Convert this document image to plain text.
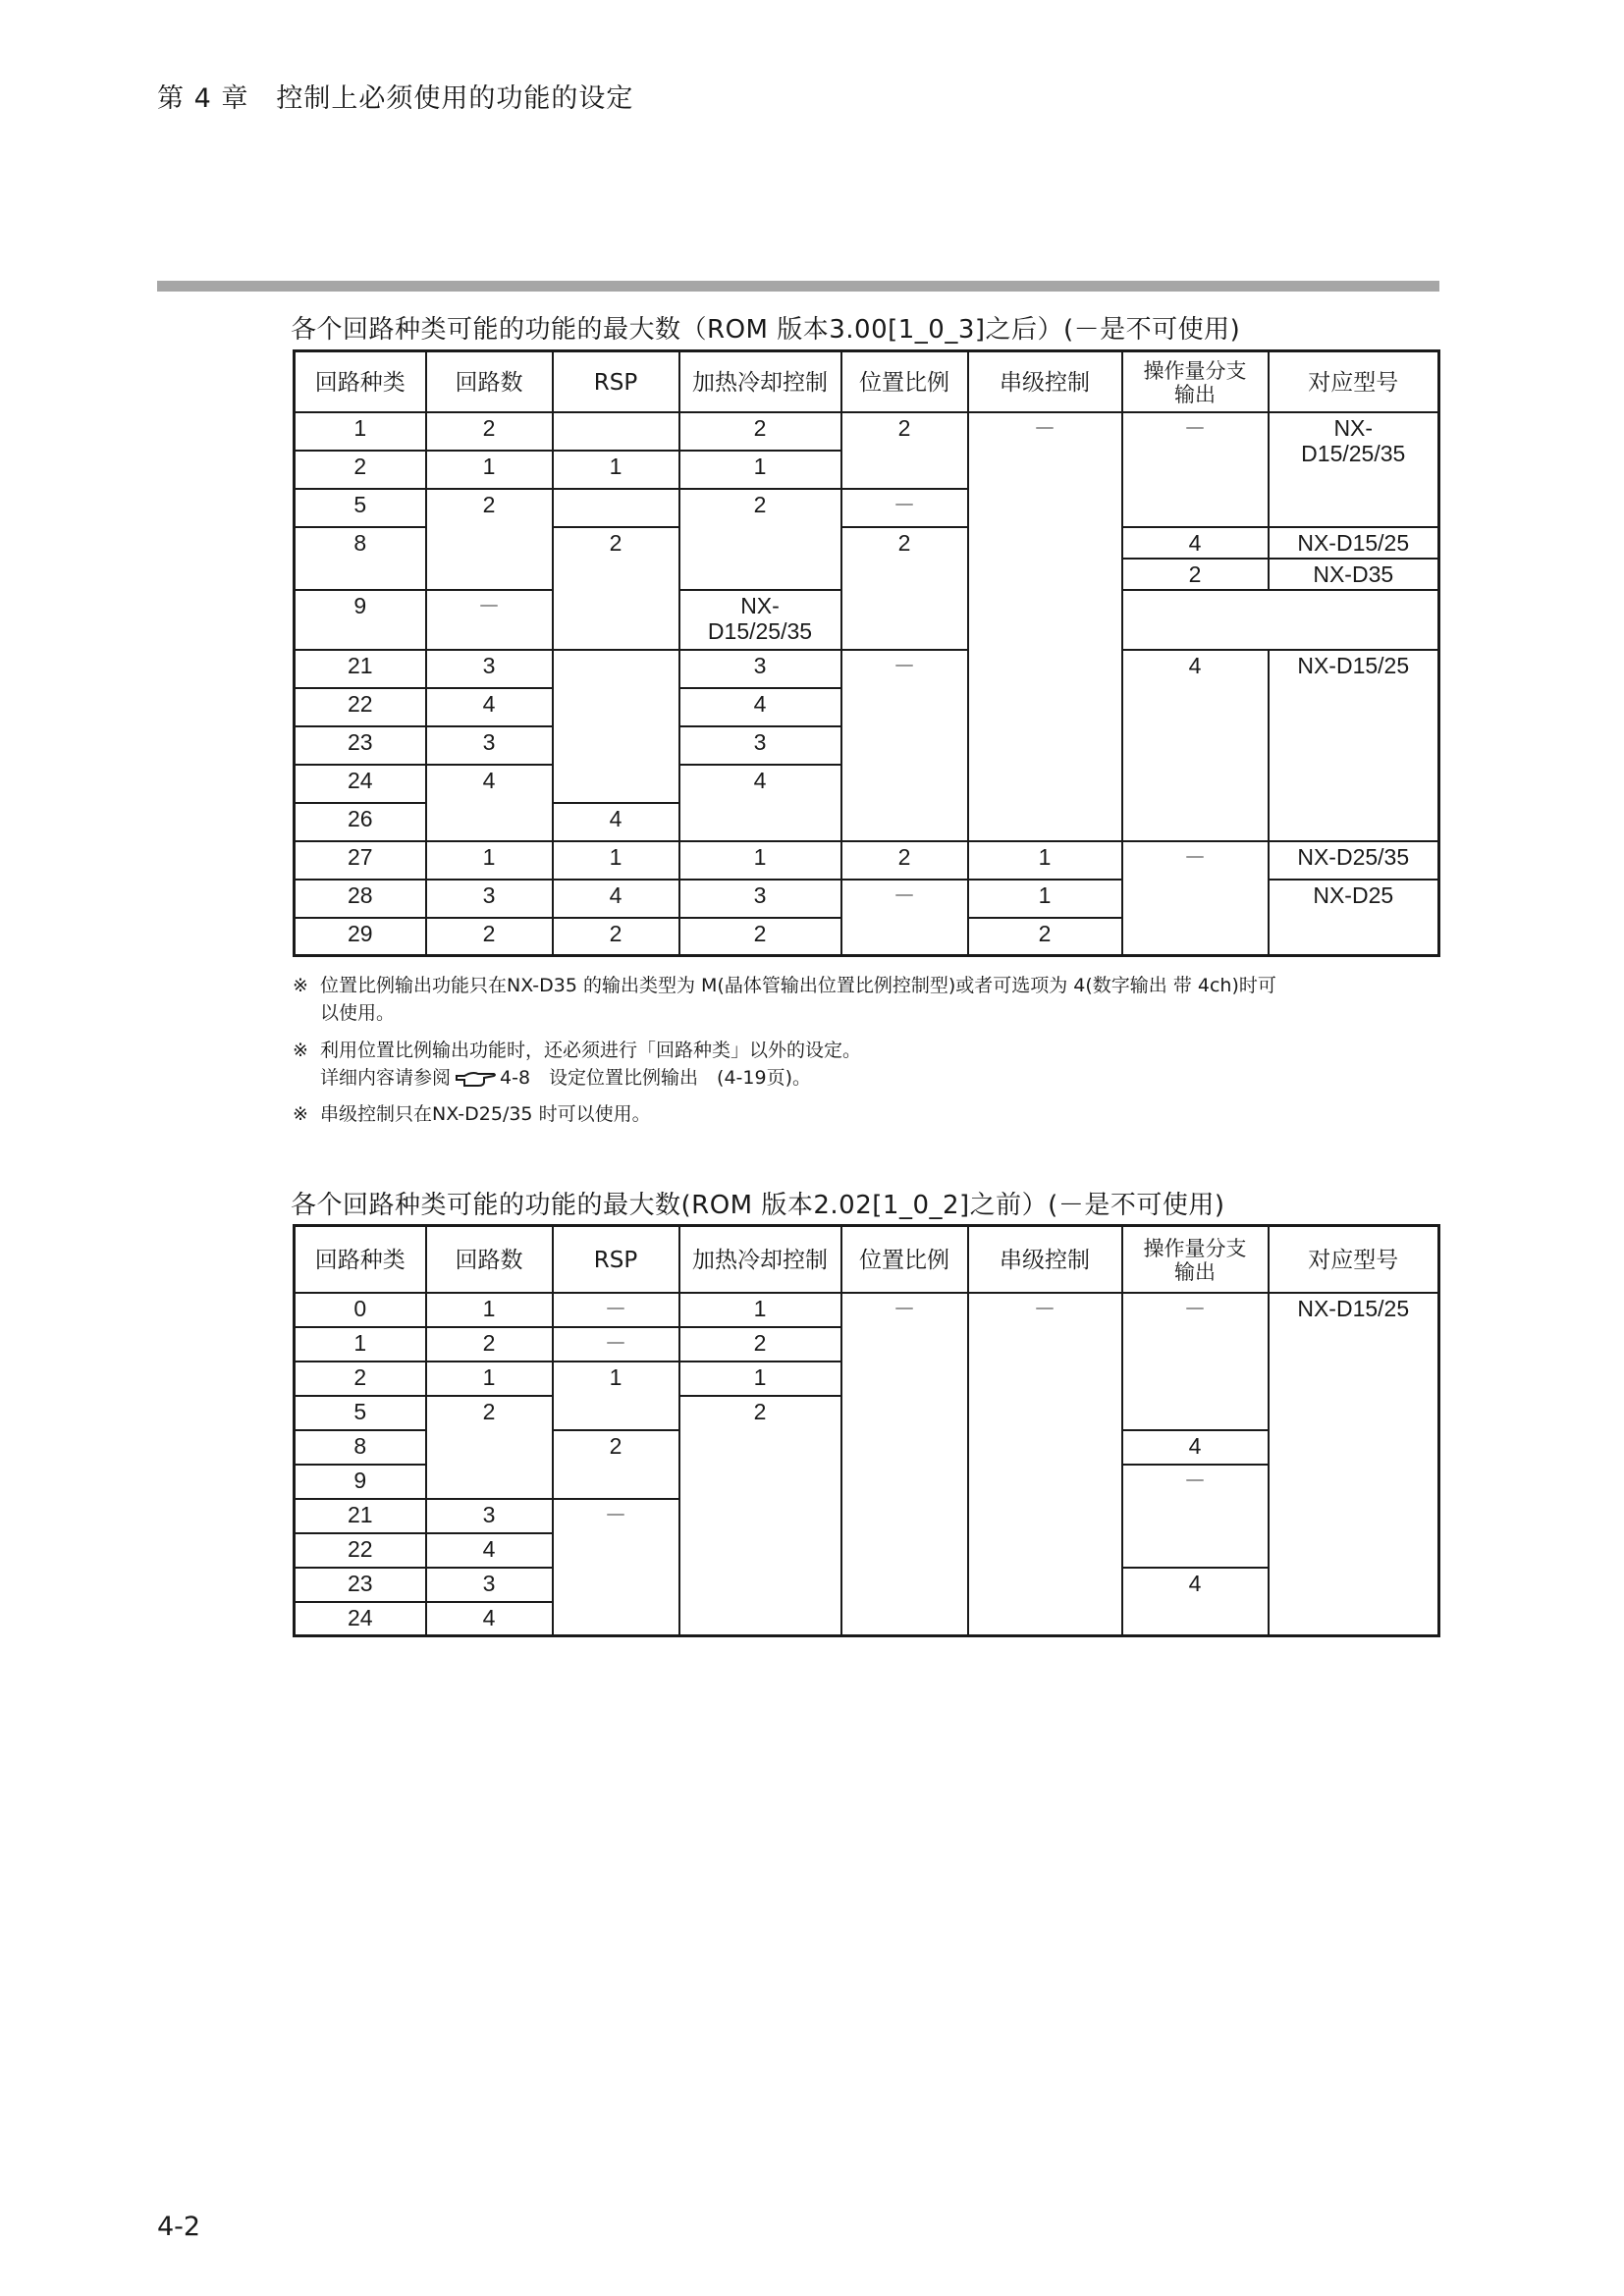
第 4 章　 控制上必须使用的功能的设定
各个回路种类可能的功能的最大数（ROM 版本3.00[1_0_3]之后）(－是不可使用)
回路种类	回路数	RSP	加热冷却控制	位置比例	串级控制	操作量分支
输出	对应型号
1	2		2	2	－	－	NX-
D15/25/35
2	1	1	1				
5	2		2	－			
8		2		2		4	NX-D15/25
						2	NX-D35
9	－		NX-
D15/25/35				
21	3		3	－		4	NX-D15/25
22	4		4				
23	3		3				
24	4		4				
26		4					
27	1	1	1	2	1	－	NX-D25/35
28	3	4	3	－	1		NX-D25
29	2	2	2		2		
※ 位置比例输出功能只在NX-D35 的输出类型为 M(晶体管输出位置比例控制型)或者可选项为 4(数字输出 带 4ch)时可
以使用。
※ 利用位置比例输出功能时，还必须进行「回路种类」以外的设定。
详细内容请参阅	4-8　设定位置比例输出　(4-19页)。
※ 串级控制只在NX-D25/35 时可以使用。
各个回路种类可能的功能的最大数(ROM 版本2.02[1_0_2]之前）(－是不可使用)
回路种类	回路数	RSP	加热冷却控制	位置比例	串级控制	操作量分支
输出	对应型号
0	1	－	1	－	－	－	NX-D15/25
1	2	－	2				
2	1	1	1				
5	2		2				
8		2				4	
9						－	
21	3	－					
22	4						
23	3					4	
24	4						
4-2
